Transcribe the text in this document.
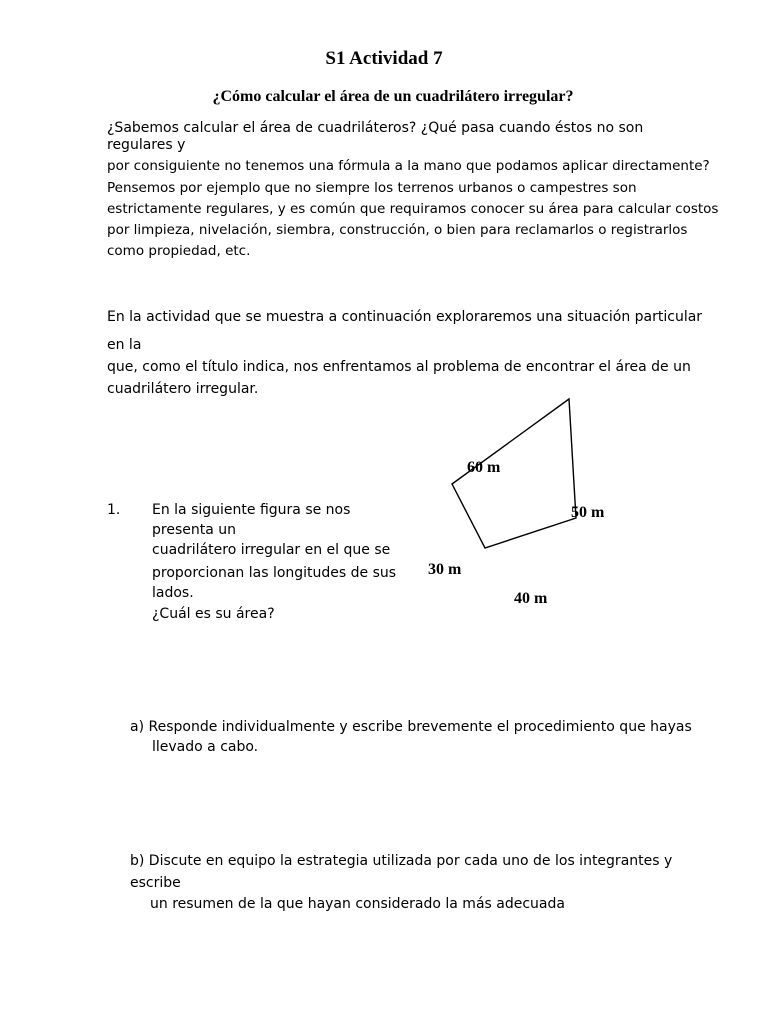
S1 Actividad 7
¿Cómo calcular el área de un cuadrilátero irregular?
¿Sabemos calcular el área de cuadriláteros? ¿Qué pasa cuando éstos no son
regulares y
por consiguiente no tenemos una fórmula a la mano que podamos aplicar directamente?
Pensemos por ejemplo que no siempre los terrenos urbanos o campestres son
estrictamente regulares, y es común que requiramos conocer su área para calcular costos
por limpieza, nivelación, siembra, construcción, o bien para reclamarlos o registrarlos
como propiedad, etc.
En la actividad que se muestra a continuación exploraremos una situación particular
en la
que, como el título indica, nos enfrentamos al problema de encontrar el área de un
cuadrilátero irregular.
1. En la siguiente figura se nos
presenta un
cuadrilátero irregular en el que se
proporcionan las longitudes de sus
lados.
¿Cuál es su área?
60 m
50 m
30 m
40 m
a) Responde individualmente y escribe brevemente el procedimiento que hayas
llevado a cabo.
b) Discute en equipo la estrategia utilizada por cada uno de los integrantes y
escribe
un resumen de la que hayan considerado la más adecuada
